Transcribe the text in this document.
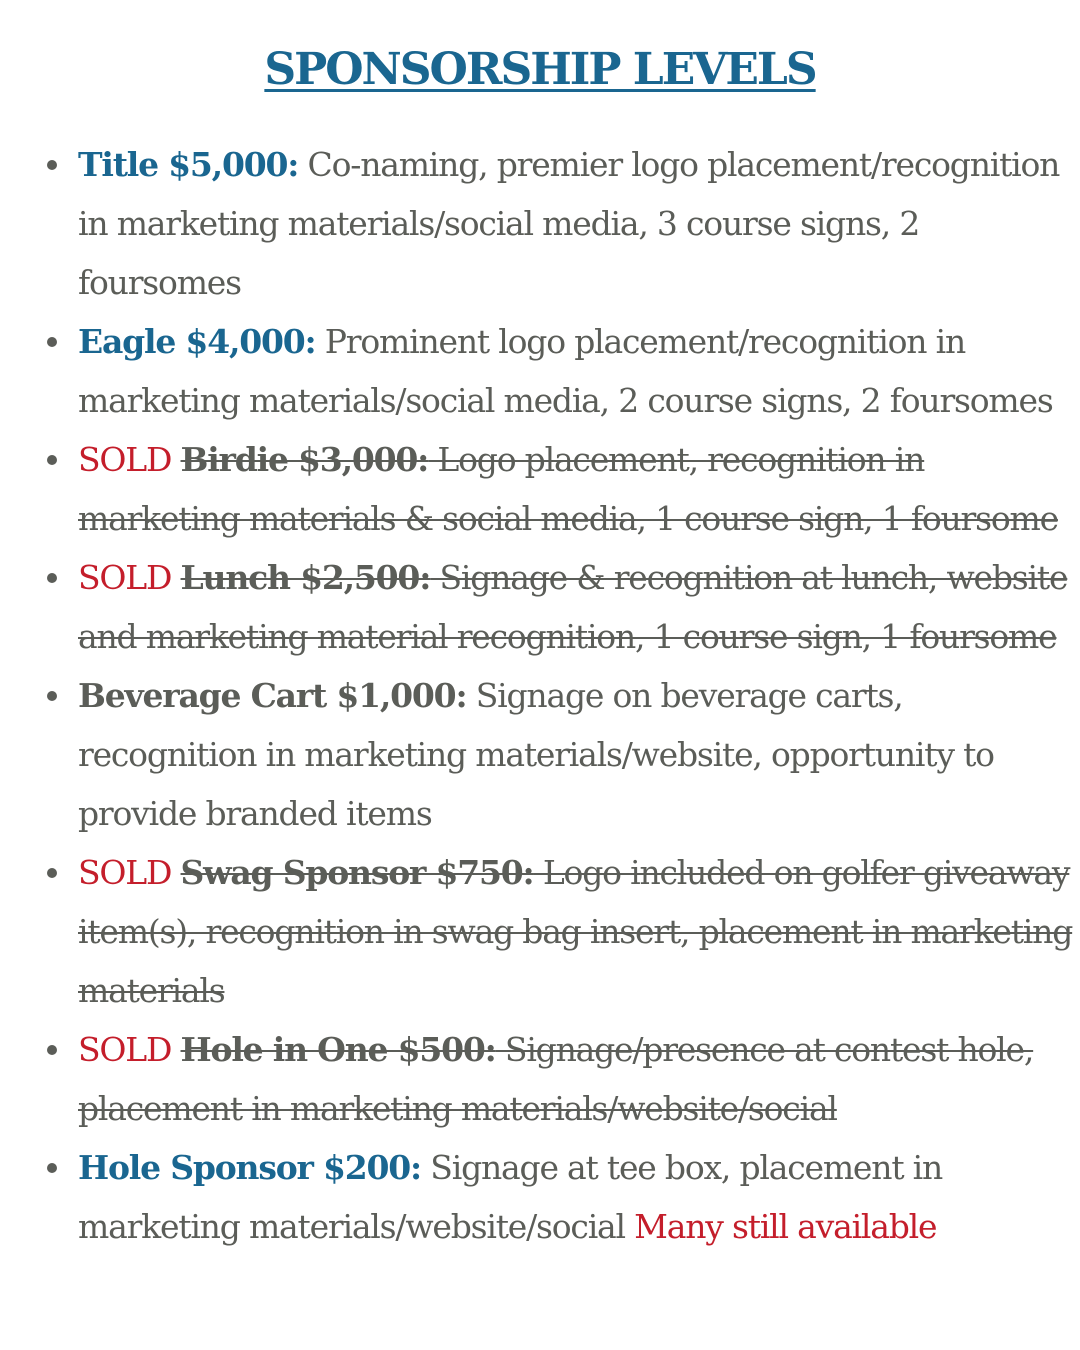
SPONSORSHIP LEVELS
Title $5,000: Co-naming, premier logo placement/recognition in marketing materials/social media, 3 course signs, 2 foursomes
Eagle $4,000: Prominent logo placement/recognition in marketing materials/social media, 2 course signs, 2 foursomes
SOLD Birdie $3,000: Logo placement, recognition in marketing materials & social media, 1 course sign, 1 foursome
SOLD Lunch $2,500: Signage & recognition at lunch, website and marketing material recognition, 1 course sign, 1 foursome
Beverage Cart $1,000: Signage on beverage carts, recognition in marketing materials/website, opportunity to provide branded items
SOLD Swag Sponsor $750: Logo included on golfer giveaway item(s), recognition in swag bag insert, placement in marketing materials
SOLD Hole in One $500: Signage/presence at contest hole, placement in marketing materials/website/social
Hole Sponsor $200: Signage at tee box, placement in marketing materials/website/social Many still available
